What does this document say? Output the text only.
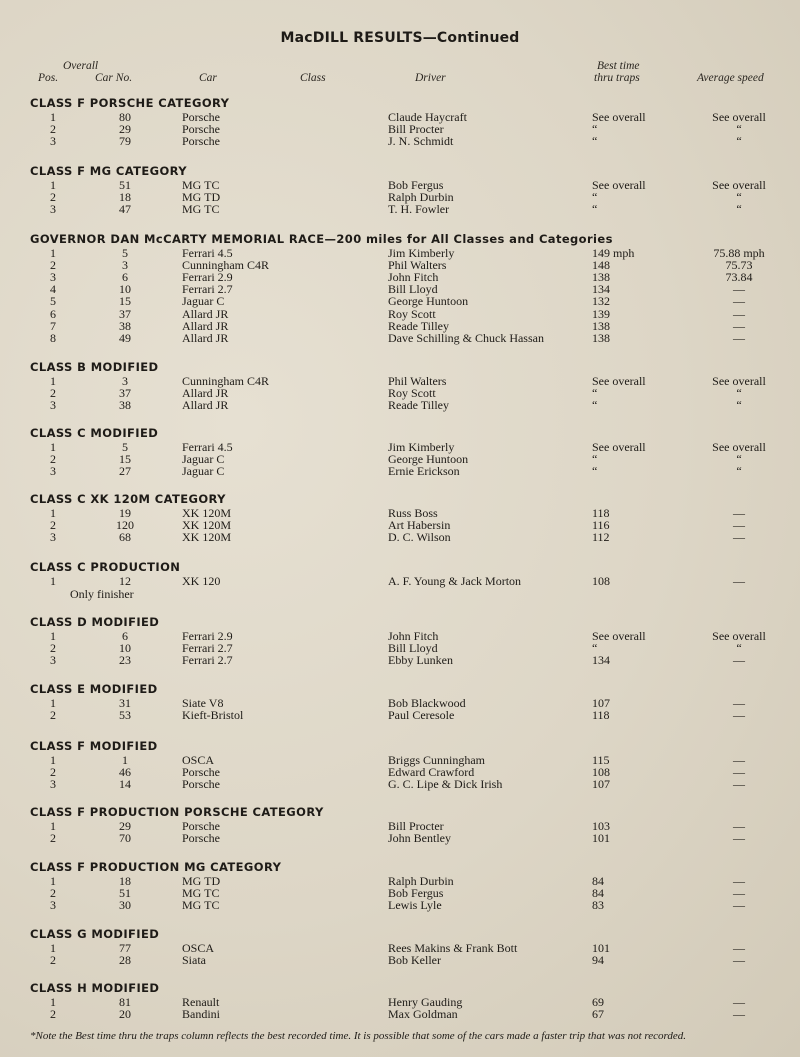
MacDILL RESULTS—Continued
Overall
Pos.	Car No.	Car	Class	Driver
Best time
thru traps	Average speed
CLASS F PORSCHE CATEGORY
1	80	Porsche	Claude Haycraft	See overall	See overall
2	29	Porsche	Bill Procter	“	“
3	79	Porsche	J. N. Schmidt	“	“
CLASS F MG CATEGORY
1	51	MG TC	Bob Fergus	See overall	See overall
2	18	MG TD	Ralph Durbin	“	“
3	47	MG TC	T. H. Fowler	“	“
GOVERNOR DAN McCARTY MEMORIAL RACE—200 miles for All Classes and Categories
1	5	Ferrari 4.5	Jim Kimberly	149 mph	75.88 mph
2	3	Cunningham C4R	Phil Walters	148	75.73
3	6	Ferrari 2.9	John Fitch	138	73.84
4	10	Ferrari 2.7	Bill Lloyd	134	—
5	15	Jaguar C	George Huntoon	132	—
6	37	Allard JR	Roy Scott	139	—
7	38	Allard JR	Reade Tilley	138	—
8	49	Allard JR	Dave Schilling & Chuck Hassan	138	—
CLASS B MODIFIED
1	3	Cunningham C4R	Phil Walters	See overall	See overall
2	37	Allard JR	Roy Scott	“	“
3	38	Allard JR	Reade Tilley	“	“
CLASS C MODIFIED
1	5	Ferrari 4.5	Jim Kimberly	See overall	See overall
2	15	Jaguar C	George Huntoon	“	“
3	27	Jaguar C	Ernie Erickson	“	“
CLASS C XK 120M CATEGORY
1	19	XK 120M	Russ Boss	118	—
2	120	XK 120M	Art Habersin	116	—
3	68	XK 120M	D. C. Wilson	112	—
CLASS C PRODUCTION
1	12	XK 120	A. F. Young & Jack Morton	108	—
Only finisher
CLASS D MODIFIED
1	6	Ferrari 2.9	John Fitch	See overall	See overall
2	10	Ferrari 2.7	Bill Lloyd	“	“
3	23	Ferrari 2.7	Ebby Lunken	134	—
CLASS E MODIFIED
1	31	Siate V8	Bob Blackwood	107	—
2	53	Kieft-Bristol	Paul Ceresole	118	—
CLASS F MODIFIED
1	1	OSCA	Briggs Cunningham	115	—
2	46	Porsche	Edward Crawford	108	—
3	14	Porsche	G. C. Lipe & Dick Irish	107	—
CLASS F PRODUCTION PORSCHE CATEGORY
1	29	Porsche	Bill Procter	103	—
2	70	Porsche	John Bentley	101	—
CLASS F PRODUCTION MG CATEGORY
1	18	MG TD	Ralph Durbin	84	—
2	51	MG TC	Bob Fergus	84	—
3	30	MG TC	Lewis Lyle	83	—
CLASS G MODIFIED
1	77	OSCA	Rees Makins & Frank Bott	101	—
2	28	Siata	Bob Keller	94	—
CLASS H MODIFIED
1	81	Renault	Henry Gauding	69	—
2	20	Bandini	Max Goldman	67	—
*Note the Best time thru the traps column reflects the best recorded time. It is possible that some of the cars made a faster trip that was not recorded.
